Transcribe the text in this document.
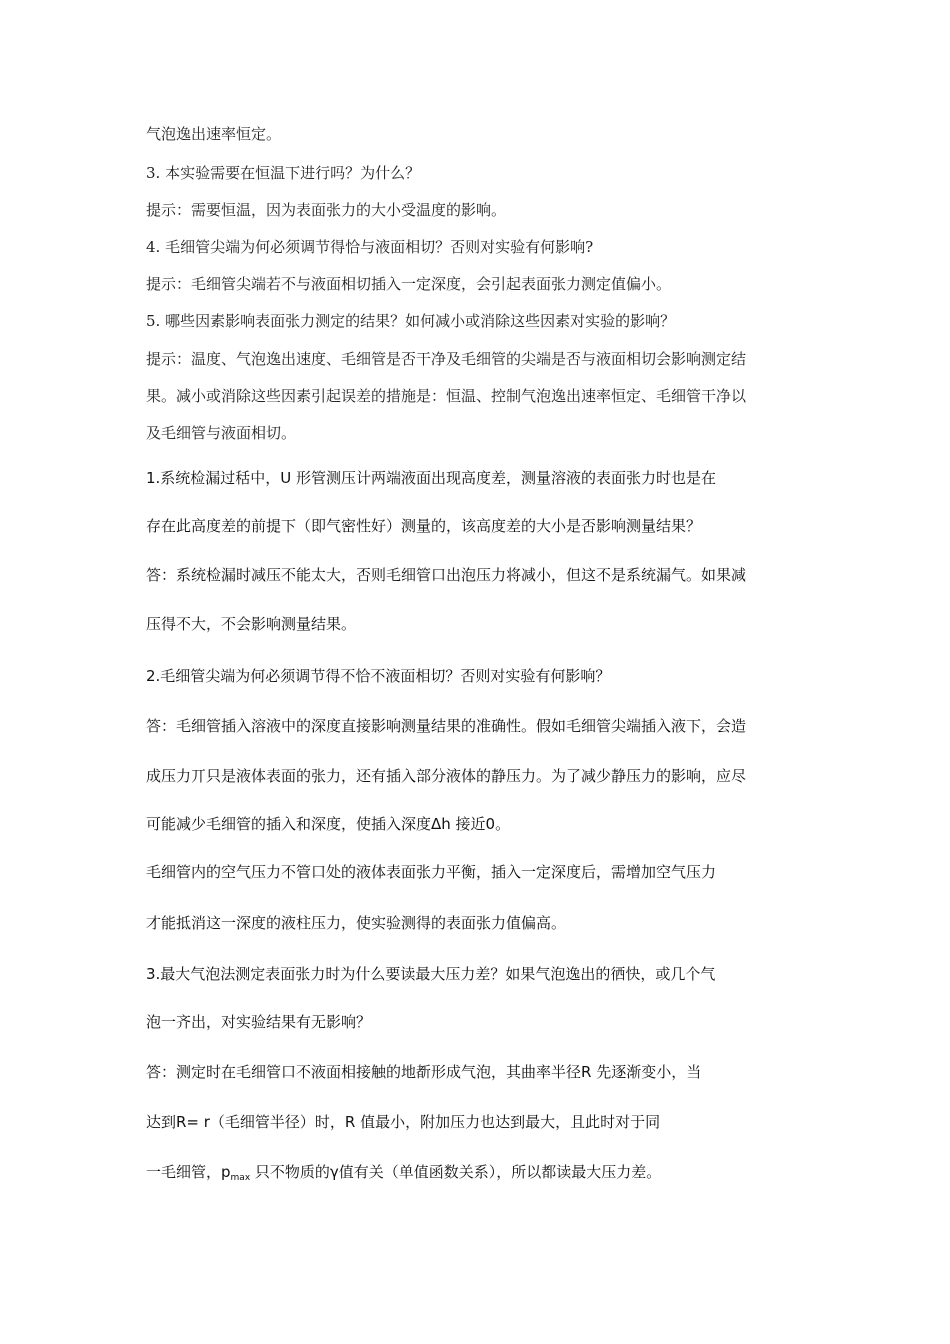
气泡逸出速率恒定。
3. 本实验需要在恒温下进行吗？为什么？
提示：需要恒温，因为表面张力的大小受温度的影响。
4. 毛细管尖端为何必须调节得恰与液面相切？否则对实验有何影响?
提示：毛细管尖端若不与液面相切插入一定深度，会引起表面张力测定值偏小。
5. 哪些因素影响表面张力测定的结果？如何减小或消除这些因素对实验的影响？
提示：温度、气泡逸出速度、毛细管是否干净及毛细管的尖端是否与液面相切会影响测定结
果。减小或消除这些因素引起误差的措施是：恒温、控制气泡逸出速率恒定、毛细管干净以
及毛细管与液面相切。
1.系统检漏过秳中，U 形管测压计两端液面出现高度差，测量溶液的表面张力时也是在
存在此高度差的前提下（即气密性好）测量的，该高度差的大小是否影响测量结果？
答：系统检漏时减压不能太大，否则毛细管口出泡压力将减小，但这不是系统漏气。如果减
压得不大，不会影响测量结果。
2.毛细管尖端为何必须调节得不恰不液面相切？否则对实验有何影响？
答：毛细管插入溶液中的深度直接影响测量结果的准确性。假如毛细管尖端插入液下，会造
成压力丌只是液体表面的张力，还有插入部分液体的静压力。为了减少静压力的影响，应尽
可能减少毛细管的插入和深度，使插入深度Δh 接近0。
毛细管内的空气压力不管口处的液体表面张力平衡，插入一定深度后，需增加空气压力
才能抵消这一深度的液柱压力，使实验测得的表面张力值偏高。
3.最大气泡法测定表面张力时为什么要读最大压力差？如果气泡逸出的徆快，或几个气
泡一齐出，对实验结果有无影响？
答：测定时在毛细管口不液面相接触的地斱形成气泡，其曲率半径R 先逐渐变小，当
达到R= r（毛细管半径）时，R 值最小，附加压力也达到最大，且此时对于同
一毛细管，$p_{max}$ 只不物质的γ值有关（单值函数关系），所以都读最大压力差。
